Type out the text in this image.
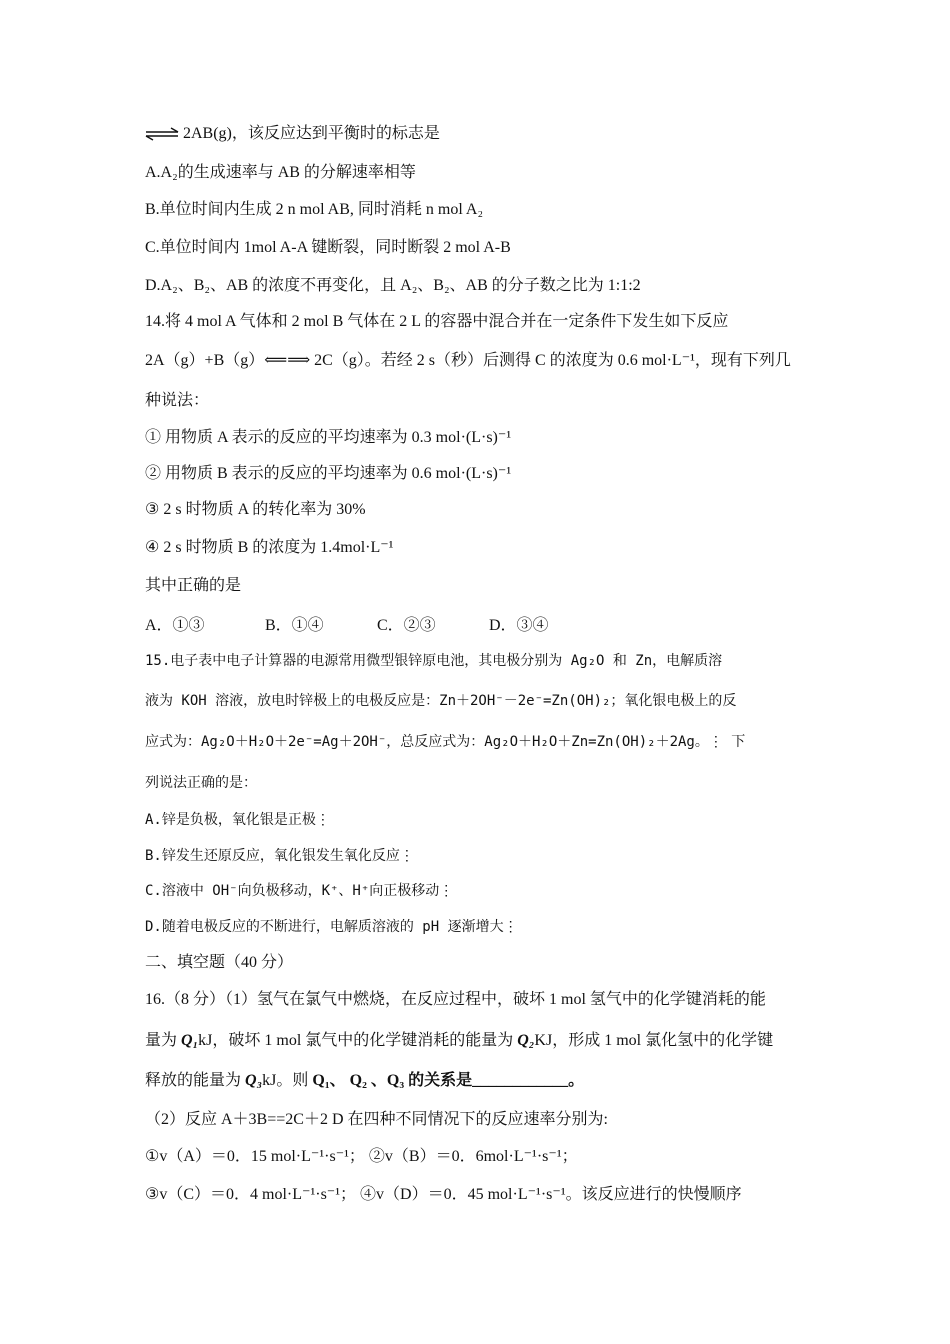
⇌ 2AB(g)，该反应达到平衡时的标志是
A.A₂的生成速率与 AB 的分解速率相等
B.单位时间内生成 2 n mol AB, 同时消耗 n mol A₂
C.单位时间内 1mol A-A 键断裂，同时断裂 2 mol A-B
D.A₂、B₂、AB 的浓度不再变化，且 A₂、B₂、AB 的分子数之比为 1:1:2
14.将 4 mol A 气体和 2 mol B 气体在 2 L 的容器中混合并在一定条件下发生如下反应
2A（g）+B（g）⟸⟹ 2C（g）。若经 2 s（秒）后测得 C 的浓度为 0.6 mol·L⁻¹，现有下列几
种说法：
① 用物质 A 表示的反应的平均速率为 0.3 mol·(L·s)⁻¹
② 用物质 B 表示的反应的平均速率为 0.6 mol·(L·s)⁻¹
③ 2 s 时物质 A 的转化率为 30%
④ 2 s 时物质 B 的浓度为 1.4mol·L⁻¹
其中正确的是
A．①③	B．①④	C．②③	D．③④
15.电子表中电子计算器的电源常用微型银锌原电池，其电极分别为 Ag₂O 和 Zn，电解质溶
液为 KOH 溶液，放电时锌极上的电极反应是：Zn＋2OH⁻－2e⁻=Zn(OH)₂；氧化银电极上的反
应式为：Ag₂O＋H₂O＋2e⁻=Ag＋2OH⁻，总反应式为：Ag₂O＋H₂O＋Zn=Zn(OH)₂＋2Ag。⋮ 下
列说法正确的是：
A.锌是负极，氧化银是正极⋮
B.锌发生还原反应，氧化银发生氧化反应⋮
C.溶液中 OH⁻向负极移动，K⁺、H⁺向正极移动⋮
D.随着电极反应的不断进行，电解质溶液的 pH 逐渐增大⋮
二、填空题（40 分）
16.（8 分）（1）氢气在氯气中燃烧，在反应过程中，破坏 1 mol 氢气中的化学键消耗的能
量为 Q₁kJ，破坏 1 mol 氯气中的化学键消耗的能量为 Q₂KJ，形成 1 mol 氯化氢中的化学键
释放的能量为 Q₃kJ。则 Q₁、 Q₂ 、Q₃ 的关系是____________。
（2）反应 A＋3B==2C＋2 D 在四种不同情况下的反应速率分别为:
①v（A）＝0．15 mol·L⁻¹·s⁻¹； ②v（B）＝0．6mol·L⁻¹·s⁻¹；
③v（C）＝0．4 mol·L⁻¹·s⁻¹； ④v（D）＝0．45 mol·L⁻¹·s⁻¹。该反应进行的快慢顺序
